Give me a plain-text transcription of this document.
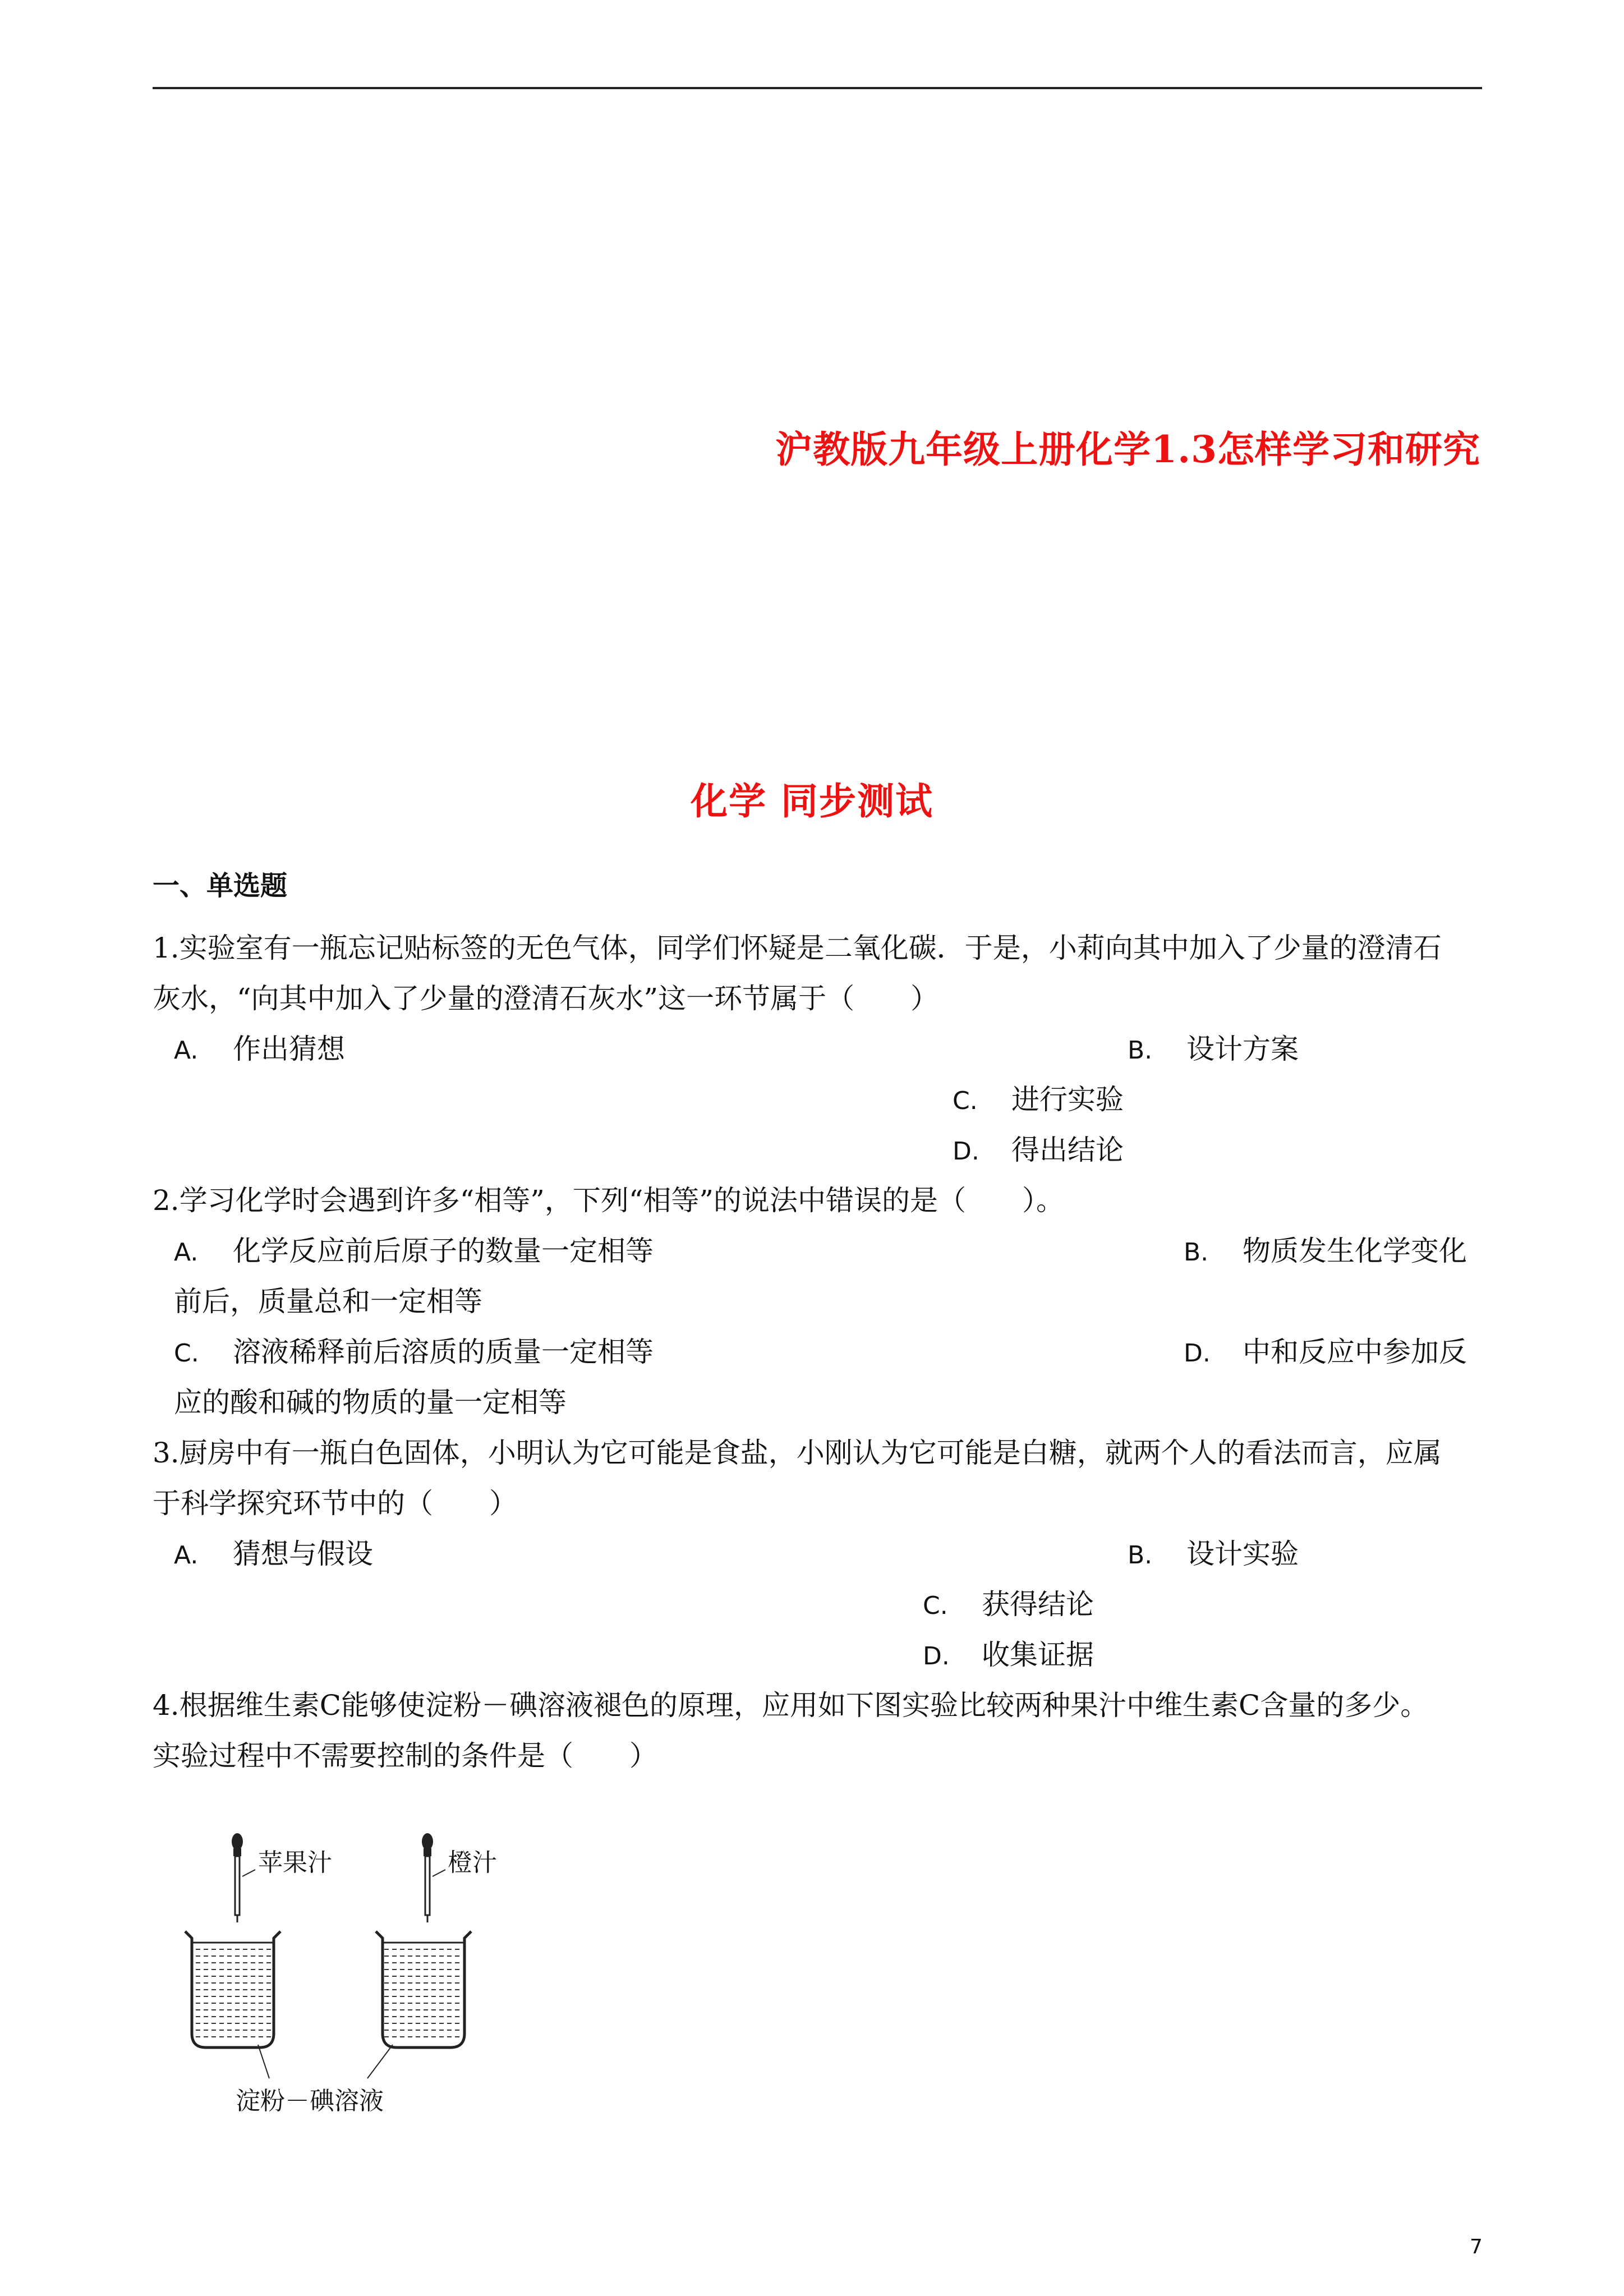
沪教版九年级上册化学1.3怎样学习和研究
化学 同步测试
一、单选题
1.实验室有一瓶忘记贴标签的无色气体，同学们怀疑是二氧化碳．于是，小莉向其中加入了少量的澄清石
灰水，“向其中加入了少量的澄清石灰水”这一环节属于（　　）
A. 作出猜想	B. 设计方案
C. 进行实验
D. 得出结论
2.学习化学时会遇到许多“相等”，下列“相等”的说法中错误的是（　　）。
A. 化学反应前后原子的数量一定相等	B. 物质发生化学变化
前后，质量总和一定相等
C. 溶液稀释前后溶质的质量一定相等	D. 中和反应中参加反
应的酸和碱的物质的量一定相等
3.厨房中有一瓶白色固体，小明认为它可能是食盐，小刚认为它可能是白糖，就两个人的看法而言，应属
于科学探究环节中的（　　）
A. 猜想与假设	B. 设计实验
C. 获得结论
D. 收集证据
4.根据维生素C能够使淀粉－碘溶液褪色的原理，应用如下图实验比较两种果汁中维生素C含量的多少。
实验过程中不需要控制的条件是（　　）
苹果汁	橙汁
淀粉－碘溶液
7
